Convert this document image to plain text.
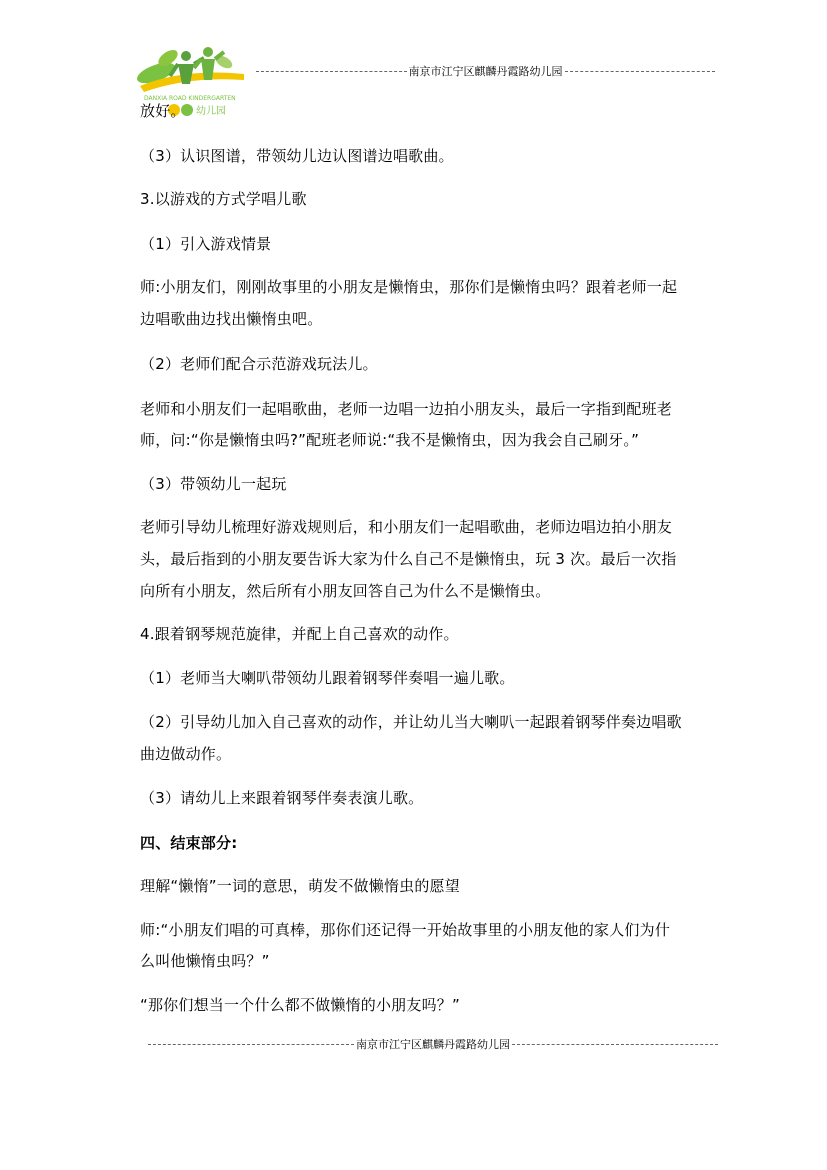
DANXIA ROAD KINDERGARTEN
幼儿园
南京市江宁区麒麟丹霞路幼儿园
放好。
（3）认识图谱，带领幼儿边认图谱边唱歌曲。
3.以游戏的方式学唱儿歌
（1）引入游戏情景
师:小朋友们，刚刚故事里的小朋友是懒惰虫，那你们是懒惰虫吗？跟着老师一起
边唱歌曲边找出懒惰虫吧。
（2）老师们配合示范游戏玩法儿。
老师和小朋友们一起唱歌曲，老师一边唱一边拍小朋友头，最后一字指到配班老
师，问:“你是懒惰虫吗?”配班老师说:“我不是懒惰虫，因为我会自己刷牙。”
（3）带领幼儿一起玩
老师引导幼儿梳理好游戏规则后，和小朋友们一起唱歌曲，老师边唱边拍小朋友
头，最后指到的小朋友要告诉大家为什么自己不是懒惰虫，玩 3 次。最后一次指
向所有小朋友，然后所有小朋友回答自己为什么不是懒惰虫。
4.跟着钢琴规范旋律，并配上自己喜欢的动作。
（1）老师当大喇叭带领幼儿跟着钢琴伴奏唱一遍儿歌。
（2）引导幼儿加入自己喜欢的动作，并让幼儿当大喇叭一起跟着钢琴伴奏边唱歌
曲边做动作。
（3）请幼儿上来跟着钢琴伴奏表演儿歌。
四、结束部分:
理解“懒惰”一词的意思，萌发不做懒惰虫的愿望
师:“小朋友们唱的可真棒，那你们还记得一开始故事里的小朋友他的家人们为什
么叫他懒惰虫吗？”
“那你们想当一个什么都不做懒惰的小朋友吗？”
南京市江宁区麒麟丹霞路幼儿园
